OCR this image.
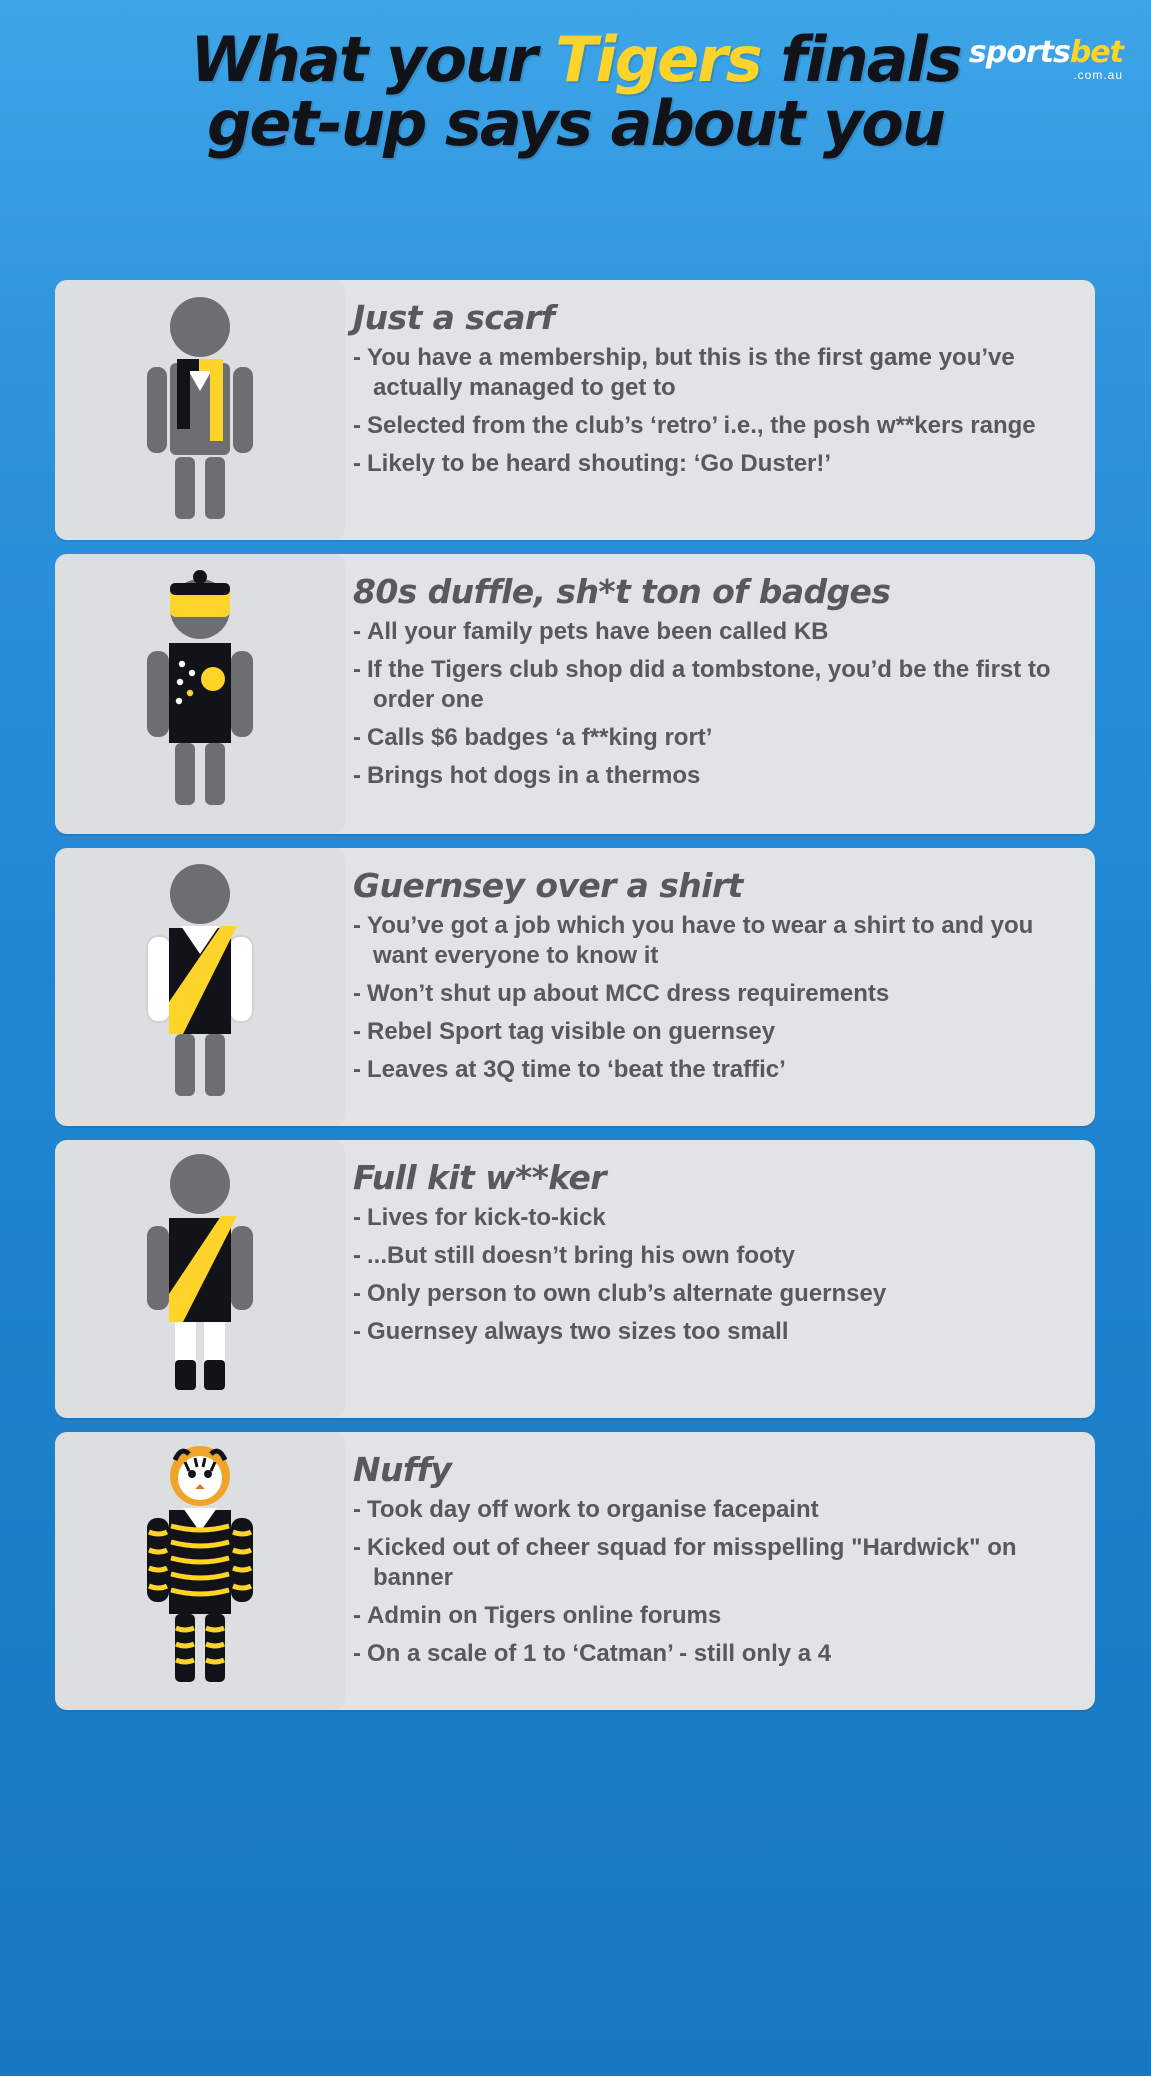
sportsbet
.com.au
What your Tigers finals
get-up says about you
Just a scarf
- You have a membership, but this is the first game you’ve actually managed to get to
- Selected from the club’s ‘retro’ i.e., the posh w**kers range
- Likely to be heard shouting: ‘Go Duster!’
80s duffle, sh*t ton of badges
- All your family pets have been called KB
- If the Tigers club shop did a tombstone, you’d be the first to order one
- Calls $6 badges ‘a f**king rort’
- Brings hot dogs in a thermos
Guernsey over a shirt
- You’ve got a job which you have to wear a shirt to and you want everyone to know it
- Won’t shut up about MCC dress requirements
- Rebel Sport tag visible on guernsey
- Leaves at 3Q time to ‘beat the traffic’
Full kit w**ker
- Lives for kick-to-kick
- ...But still doesn’t bring his own footy
- Only person to own club’s alternate guernsey
- Guernsey always two sizes too small
Nuffy
- Took day off work to organise facepaint
- Kicked out of cheer squad for misspelling "Hardwick" on banner
- Admin on Tigers online forums
- On a scale of 1 to ‘Catman’ - still only a 4
